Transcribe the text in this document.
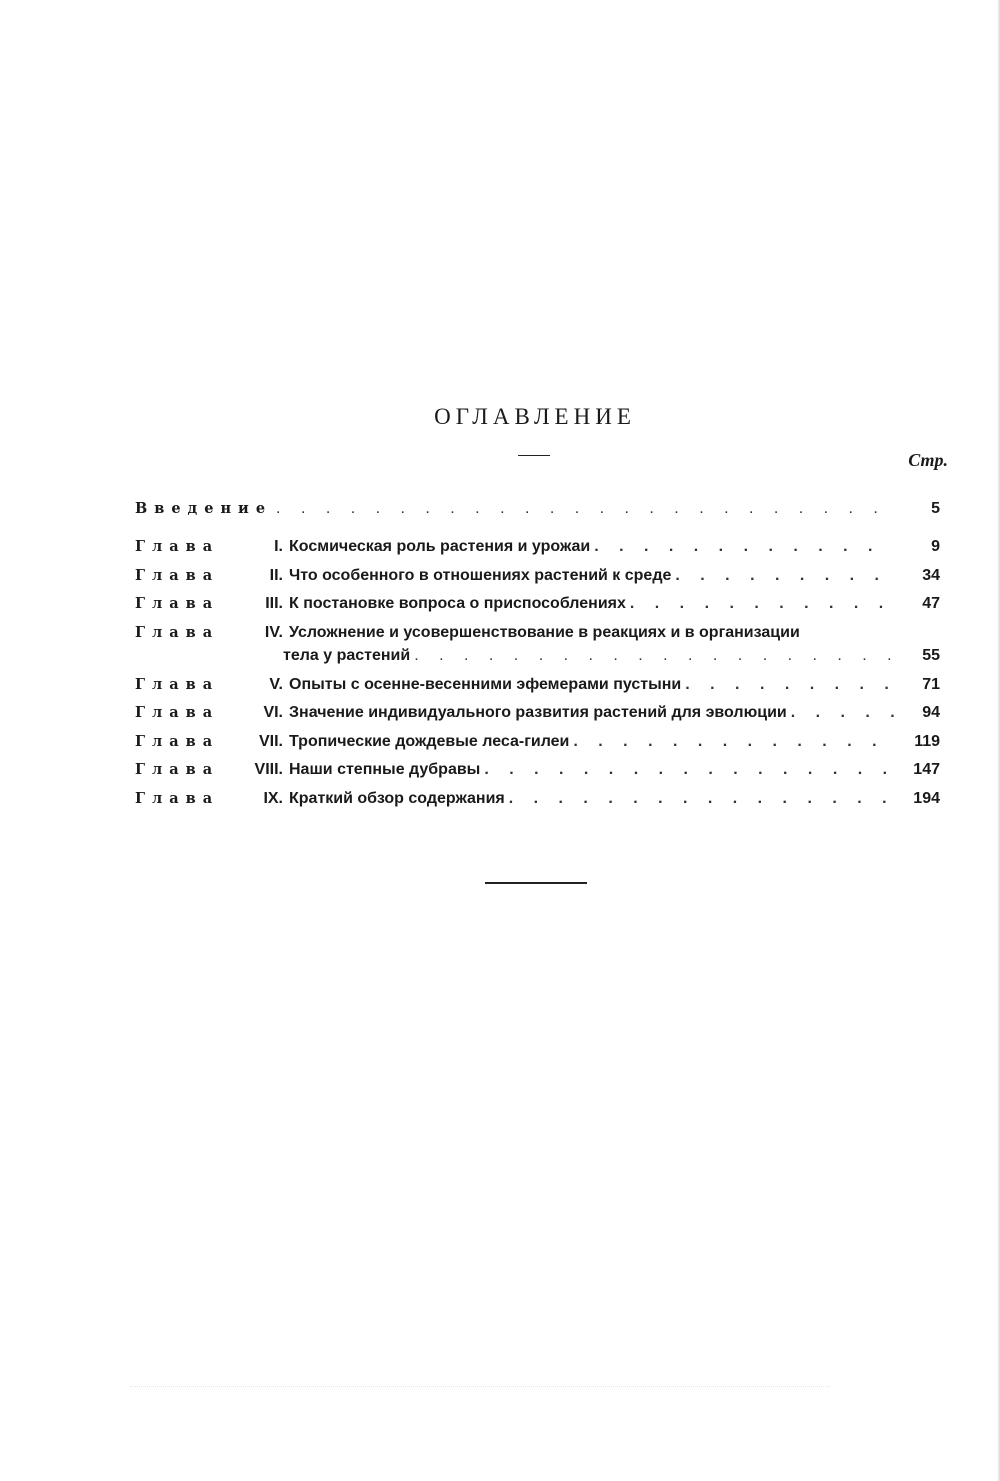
ОГЛАВЛЕНИЕ
Стр.
Введение . . .	5
Глава	I. Космическая роль растения и урожаи . . .	9
Глава	II. Что особенного в отношениях растений к среде . . .	34
Глава	III. К постановке вопроса о приспособлениях . . .	47
Глава	IV. Усложнение и усовершенствование в реакциях и в организации
тела у растений . . .	55
Глава	V. Опыты с осенне-весенними эфемерами пустыни . . .	71
Глава	VI. Значение индивидуального развития растений для эволюции . . .	94
Глава	VII. Тропические дождевые леса-гилеи . . .	119
Глава	VIII. Наши степные дубравы . . .	147
Глава	IX. Краткий обзор содержания . . .	194
